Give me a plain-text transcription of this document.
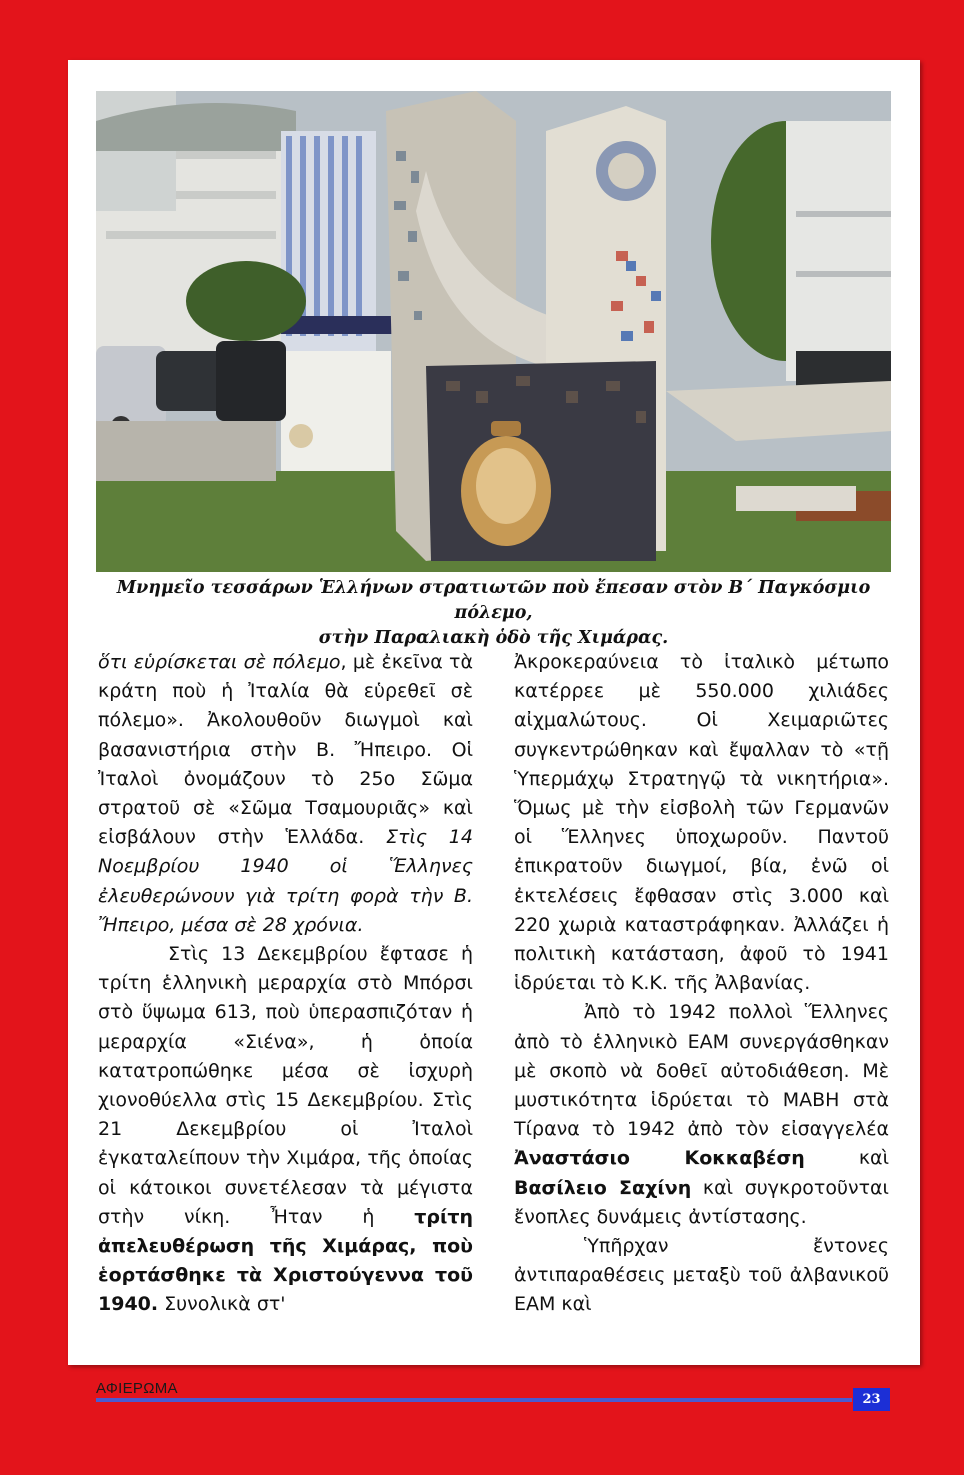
Μνημεῖο τεσσάρων Ἑλλήνων στρατιωτῶν ποὺ ἔπεσαν στὸν Β΄ Παγκόσμιο πόλεμο,
στὴν Παραλιακὴ ὁδὸ τῆς Χιμάρας.

ὅτι εὑρίσκεται σὲ πόλεμο, μὲ ἐκεῖνα τὰ κράτη ποὺ ἡ Ἰταλία θὰ εὑρεθεῖ σὲ πόλεμο». Ἀκολουθοῦν διωγμοὶ καὶ βασανιστήρια στὴν Β. Ἤπειρο. Οἱ Ἰταλοὶ ὀνομάζουν τὸ 25ο Σῶμα στρατοῦ σὲ «Σῶμα Τσαμουριᾶς» καὶ εἰσβάλουν στὴν Ἑλλάδα. Στὶς 14 Νοεμβρίου 1940 οἱ Ἕλληνες ἐλευθερώνουν γιὰ τρίτη φορὰ τὴν Β. Ἤπειρο, μέσα σὲ 28 χρόνια.

Στὶς 13 Δεκεμβρίου ἔφτασε ἡ τρίτη ἑλληνικὴ μεραρχία στὸ Μπόρσι στὸ ὕψωμα 613, ποὺ ὑπερασπιζόταν ἡ μεραρχία «Σιένα», ἡ ὁποία κατατροπώθηκε μέσα σὲ ἰσχυρὴ χιονοθύελλα στὶς 15 Δεκεμβρίου. Στὶς 21 Δεκεμβρίου οἱ Ἰταλοὶ ἐγκαταλείπουν τὴν Χιμάρα, τῆς ὁποίας οἱ κάτοικοι συνετέλεσαν τὰ μέγιστα στὴν νίκη. Ἦταν ἡ τρίτη ἀπελευθέρωση τῆς Χιμάρας, ποὺ ἑορτάσθηκε τὰ Χριστούγεννα τοῦ 1940. Συνολικὰ στ'

Ἀκροκεραύνεια τὸ ἰταλικὸ μέτωπο κατέρρεε μὲ 550.000 χιλιάδες αἰχμαλώτους. Οἱ Χειμαριῶτες συγκεντρώθηκαν καὶ ἔψαλλαν τὸ «τῇ Ὑπερμάχῳ Στρατηγῷ τὰ νικητήρια». Ὅμως μὲ τὴν εἰσβολὴ τῶν Γερμανῶν οἱ Ἕλληνες ὑποχωροῦν. Παντοῦ ἐπικρατοῦν διωγμοί, βία, ἐνῶ οἱ ἐκτελέσεις ἔφθασαν στὶς 3.000 καὶ 220 χωριὰ καταστράφηκαν. Ἀλλάζει ἡ πολιτικὴ κατάσταση, ἀφοῦ τὸ 1941 ἱδρύεται τὸ Κ.Κ. τῆς Ἀλβανίας.

Ἀπὸ τὸ 1942 πολλοὶ Ἕλληνες ἀπὸ τὸ ἑλληνικὸ ΕΑΜ συνεργάσθηκαν μὲ σκοπὸ νὰ δοθεῖ αὐτοδιάθεση. Μὲ μυστικότητα ἱδρύεται τὸ ΜΑΒΗ στὰ Τίρανα τὸ 1942 ἀπὸ τὸν εἰσαγγελέα Ἀναστάσιο Κοκκαβέση καὶ Βασίλειο Σαχίνη καὶ συγκροτοῦνται ἔνοπλες δυνάμεις ἀντίστασης.

Ὑπῆρχαν ἔντονες ἀντιπαραθέσεις μεταξὺ τοῦ ἀλβανικοῦ ΕΑΜ καὶ

ΑΦΙΕΡΩΜΑ
23
